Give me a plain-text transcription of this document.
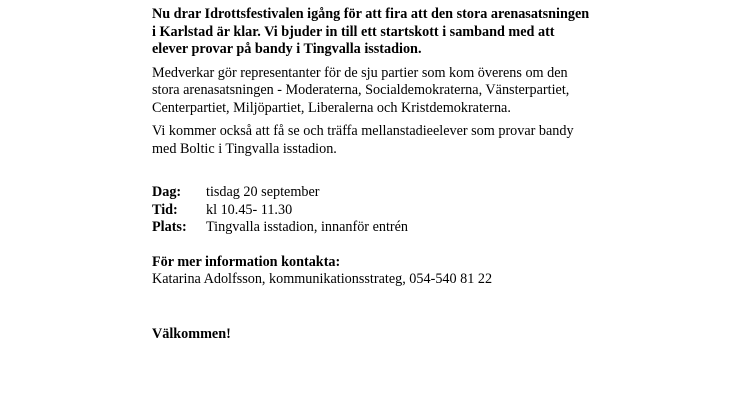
Nu drar Idrottsfestivalen igång för att fira att den stora arenasatsningen
i Karlstad är klar. Vi bjuder in till ett startskott i samband med att
elever provar på bandy i Tingvalla isstadion.
Medverkar gör representanter för de sju partier som kom överens om den
stora arenasatsningen - Moderaterna, Socialdemokraterna, Vänsterpartiet,
Centerpartiet, Miljöpartiet, Liberalerna och Kristdemokraterna.
Vi kommer också att få se och träffa mellanstadieelever som provar bandy
med Boltic i Tingvalla isstadion.
Dag:	tisdag 20 september
Tid:	kl 10.45- 11.30
Plats:	Tingvalla isstadion, innanför entrén
För mer information kontakta:
Katarina Adolfsson, kommunikationsstrateg, 054-540 81 22
Välkommen!
